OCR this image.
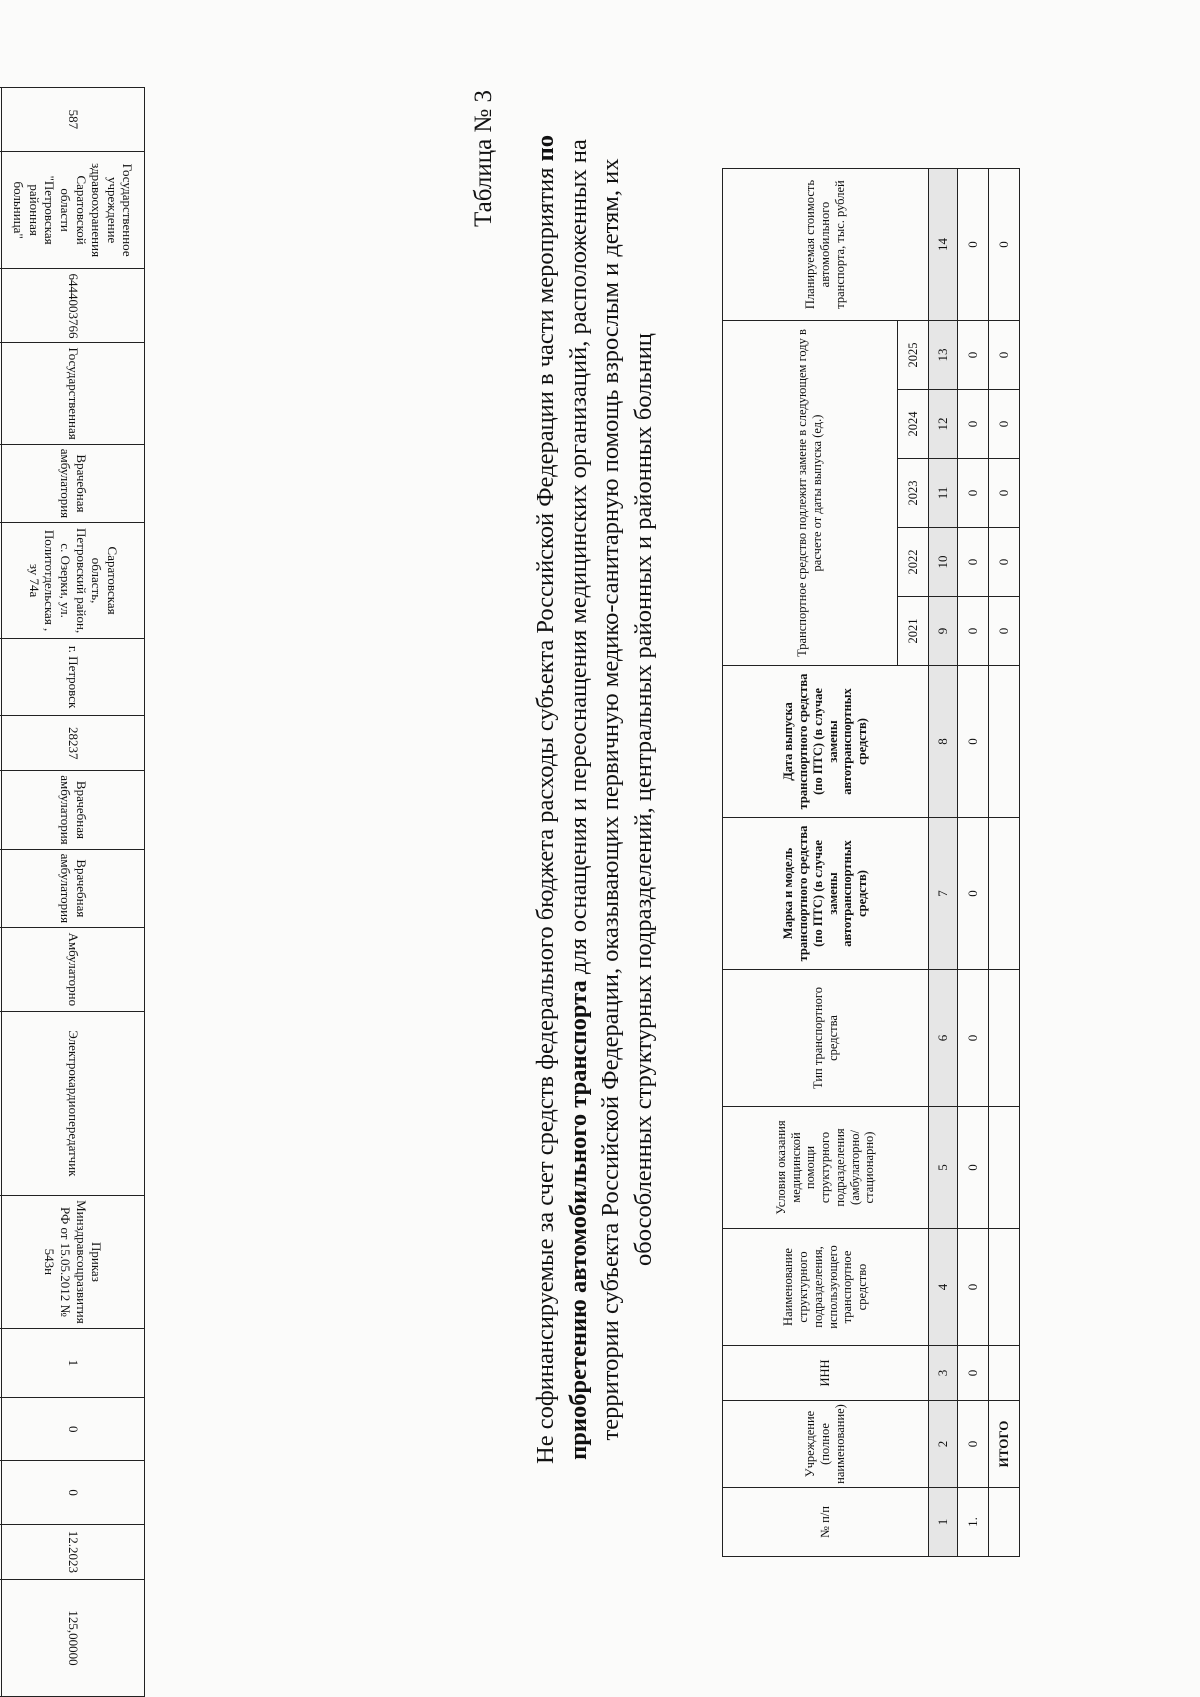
587	Государственное учреждение здравоохранения Саратовской области "Петровская районная больница"	6444003766	Государственная	Врачебная амбулатория	Саратовская область, Петровский район, с. Озерки, ул. Политотдельская , зу 74а	г. Петровск	28237	Врачебная амбулатория	Врачебная амбулатория	Амбулаторно	Электрокардиопередатчик	Приказ Минздравсоцразвития РФ от 15.05.2012 № 543н	1	0	0	12.2023	125,00000

Таблица № 3
Не софинансируемые за счет средств федерального бюджета расходы субъекта Российской Федерации в части мероприятия по приобретению автомобильного транспорта для оснащения и переоснащения медицинских организаций, расположенных на территории субъекта Российской Федерации, оказывающих первичную медико-санитарную помощь взрослым и детям, их обособленных структурных подразделений, центральных районных и районных больниц
№ п/п	Учреждение (полное наименование)	ИНН	Наименование структурного подразделения, использующего транспортное средство	Условия оказания медицинской помощи структурного подразделения (амбулаторно/ стационарно)	Тип транспортного средства	Марка и модель транспортного средства (по ПТС) (в случае замены автотранспортных средств)	Дата выпуска транспортного средства (по ПТС) (в случае замены автотранспортных средств)	Транспортное средство подлежит замене в следующем году в расчете от даты выпуска (ед.)					Планируемая стоимость автомобильного транспорта, тыс. рублей
								2021	2022	2023	2024	2025	
1	2	3	4	5	6	7	8	9	10	11	12	13	14
1.	0	0	0	0	0	0	0	0	0	0	0	0	0
	ИТОГО							0	0	0	0	0	0
